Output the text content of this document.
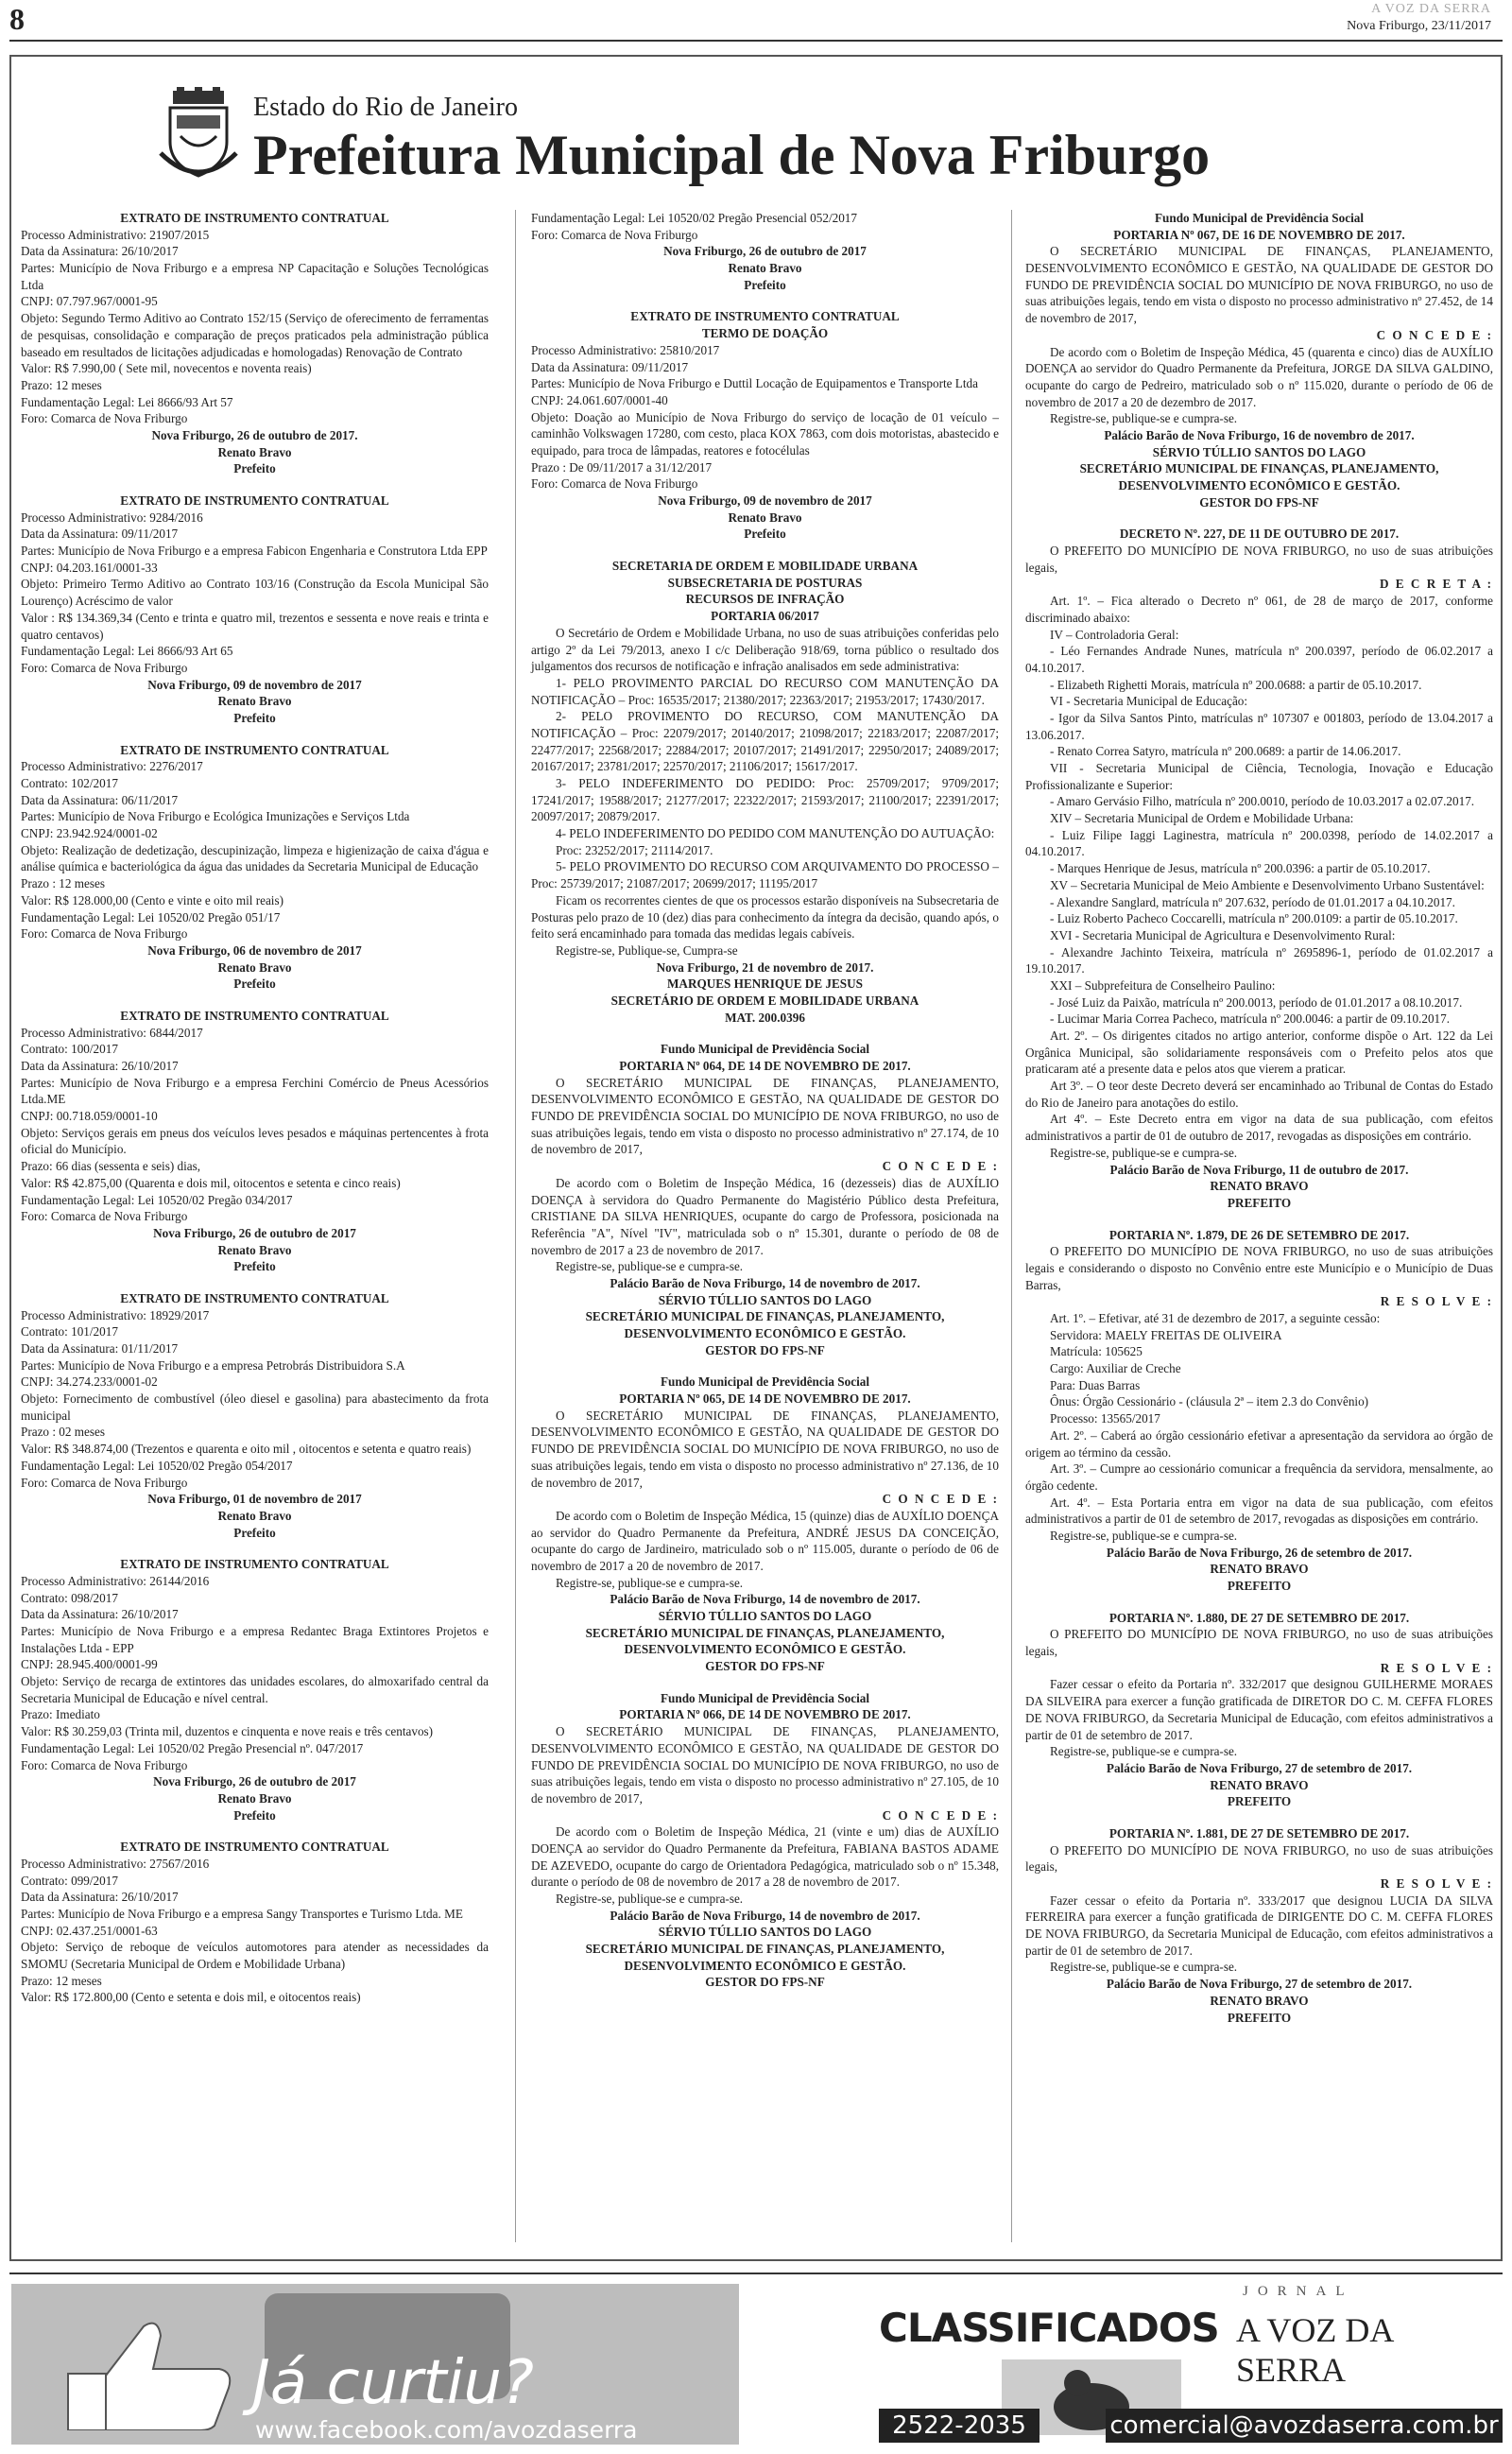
8	A VOZ DA SERRA
Nova Friburgo, 23/11/2017
Estado do Rio de Janeiro
Prefeitura Municipal de Nova Friburgo

EXTRATO DE INSTRUMENTO CONTRATUAL

Processo Administrativo: 21907/2015

Data da Assinatura: 26/10/2017

Partes: Município de Nova Friburgo e a empresa NP Capacitação e Soluções Tecnológicas Ltda

CNPJ: 07.797.967/0001-95

Objeto: Segundo Termo Aditivo ao Contrato 152/15 (Serviço de oferecimento de ferramentas de pesquisas, consolidação e comparação de preços praticados pela administração pública baseado em resultados de licitações adjudicadas e homologadas) Renovação de Contrato

Valor: R$ 7.990,00 ( Sete mil, novecentos e noventa reais)

Prazo: 12 meses

Fundamentação Legal: Lei 8666/93 Art 57

Foro: Comarca de Nova Friburgo

Nova Friburgo, 26 de outubro de 2017.

Renato Bravo

Prefeito

EXTRATO DE INSTRUMENTO CONTRATUAL

Processo Administrativo: 9284/2016

Data da Assinatura: 09/11/2017

Partes: Município de Nova Friburgo e a empresa Fabicon Engenharia e Construtora Ltda EPP

CNPJ: 04.203.161/0001-33

Objeto: Primeiro Termo Aditivo ao Contrato 103/16 (Construção da Escola Municipal São Lourenço) Acréscimo de valor

Valor : R$ 134.369,34 (Cento e trinta e quatro mil, trezentos e sessenta e nove reais e trinta e quatro centavos)

Fundamentação Legal: Lei 8666/93 Art 65

Foro: Comarca de Nova Friburgo

Nova Friburgo, 09 de novembro de 2017

Renato Bravo

Prefeito

EXTRATO DE INSTRUMENTO CONTRATUAL

Processo Administrativo: 2276/2017

Contrato: 102/2017

Data da Assinatura: 06/11/2017

Partes: Município de Nova Friburgo e Ecológica Imunizações e Serviços Ltda

CNPJ: 23.942.924/0001-02

Objeto: Realização de dedetização, descupinização, limpeza e higienização de caixa d'água e análise química e bacteriológica da água das unidades da Secretaria Municipal de Educação

Prazo : 12 meses

Valor: R$ 128.000,00 (Cento e vinte e oito mil reais)

Fundamentação Legal: Lei 10520/02 Pregão 051/17

Foro: Comarca de Nova Friburgo

Nova Friburgo, 06 de novembro de 2017

Renato Bravo

Prefeito

EXTRATO DE INSTRUMENTO CONTRATUAL

Processo Administrativo: 6844/2017

Contrato: 100/2017

Data da Assinatura: 26/10/2017

Partes: Município de Nova Friburgo e a empresa Ferchini Comércio de Pneus Acessórios Ltda.ME

CNPJ: 00.718.059/0001-10

Objeto: Serviços gerais em pneus dos veículos leves pesados e máquinas pertencentes à frota oficial do Município.

Prazo: 66 dias (sessenta e seis) dias,

Valor: R$ 42.875,00 (Quarenta e dois mil, oitocentos e setenta e cinco reais)

Fundamentação Legal: Lei 10520/02 Pregão 034/2017

Foro: Comarca de Nova Friburgo

Nova Friburgo, 26 de outubro de 2017

Renato Bravo

Prefeito

EXTRATO DE INSTRUMENTO CONTRATUAL

Processo Administrativo: 18929/2017

Contrato: 101/2017

Data da Assinatura: 01/11/2017

Partes: Município de Nova Friburgo e a empresa Petrobrás Distribuidora S.A

CNPJ: 34.274.233/0001-02

Objeto: Fornecimento de combustível (óleo diesel e gasolina) para abastecimento da frota municipal

Prazo : 02 meses

Valor: R$ 348.874,00 (Trezentos e quarenta e oito mil , oitocentos e setenta e quatro reais)

Fundamentação Legal: Lei 10520/02 Pregão 054/2017

Foro: Comarca de Nova Friburgo

Nova Friburgo, 01 de novembro de 2017

Renato Bravo

Prefeito

EXTRATO DE INSTRUMENTO CONTRATUAL

Processo Administrativo: 26144/2016

Contrato: 098/2017

Data da Assinatura: 26/10/2017

Partes: Município de Nova Friburgo e a empresa Redantec Braga Extintores Projetos e Instalações Ltda - EPP

CNPJ: 28.945.400/0001-99

Objeto: Serviço de recarga de extintores das unidades escolares, do almoxarifado central da Secretaria Municipal de Educação e nível central.

Prazo: Imediato

Valor: R$ 30.259,03 (Trinta mil, duzentos e cinquenta e nove reais e três centavos)

Fundamentação Legal: Lei 10520/02 Pregão Presencial nº. 047/2017

Foro: Comarca de Nova Friburgo

Nova Friburgo, 26 de outubro de 2017

Renato Bravo

Prefeito

EXTRATO DE INSTRUMENTO CONTRATUAL

Processo Administrativo: 27567/2016

Contrato: 099/2017

Data da Assinatura: 26/10/2017

Partes: Município de Nova Friburgo e a empresa Sangy Transportes e Turismo Ltda. ME

CNPJ: 02.437.251/0001-63

Objeto: Serviço de reboque de veículos automotores para atender as necessidades da SMOMU (Secretaria Municipal de Ordem e Mobilidade Urbana)

Prazo: 12 meses

Valor: R$ 172.800,00 (Cento e setenta e dois mil, e oitocentos reais)

Fundamentação Legal: Lei 10520/02 Pregão Presencial 052/2017

Foro: Comarca de Nova Friburgo

Nova Friburgo, 26 de outubro de 2017

Renato Bravo

Prefeito

EXTRATO DE INSTRUMENTO CONTRATUAL

TERMO DE DOAÇÃO

Processo Administrativo: 25810/2017

Data da Assinatura: 09/11/2017

Partes: Município de Nova Friburgo e Duttil Locação de Equipamentos e Transporte Ltda

CNPJ: 24.061.607/0001-40

Objeto: Doação ao Município de Nova Friburgo do serviço de locação de 01 veículo – caminhão Volkswagen 17280, com cesto, placa KOX 7863, com dois motoristas, abastecido e equipado, para troca de lâmpadas, reatores e fotocélulas

Prazo : De 09/11/2017 a 31/12/2017

Foro: Comarca de Nova Friburgo

Nova Friburgo, 09 de novembro de 2017

Renato Bravo

Prefeito

SECRETARIA DE ORDEM E MOBILIDADE URBANA

SUBSECRETARIA DE POSTURAS

RECURSOS DE INFRAÇÃO

PORTARIA 06/2017

O Secretário de Ordem e Mobilidade Urbana, no uso de suas atribuições conferidas pelo artigo 2º da Lei 79/2013, anexo I c/c Deliberação 918/69, torna público o resultado dos julgamentos dos recursos de notificação e infração analisados em sede administrativa:

1- PELO PROVIMENTO PARCIAL DO RECURSO COM MANUTENÇÃO DA NOTIFICAÇÃO – Proc: 16535/2017; 21380/2017; 22363/2017; 21953/2017; 17430/2017.

2- PELO PROVIMENTO DO RECURSO, COM MANUTENÇÃO DA NOTIFICAÇÃO – Proc: 22079/2017; 20140/2017; 21098/2017; 22183/2017; 22087/2017; 22477/2017; 22568/2017; 22884/2017; 20107/2017; 21491/2017; 22950/2017; 24089/2017; 20167/2017; 23781/2017; 22570/2017; 21106/2017; 15617/2017.

3- PELO INDEFERIMENTO DO PEDIDO: Proc: 25709/2017; 9709/2017; 17241/2017; 19588/2017; 21277/2017; 22322/2017; 21593/2017; 21100/2017; 22391/2017; 20097/2017; 20879/2017.

4- PELO INDEFERIMENTO DO PEDIDO COM MANUTENÇÃO DO AUTUAÇÃO:

Proc: 23252/2017; 21114/2017.

5- PELO PROVIMENTO DO RECURSO COM ARQUIVAMENTO DO PROCESSO – Proc: 25739/2017; 21087/2017; 20699/2017; 11195/2017

Ficam os recorrentes cientes de que os processos estarão disponíveis na Subsecretaria de Posturas pelo prazo de 10 (dez) dias para conhecimento da íntegra da decisão, quando após, o feito será encaminhado para tomada das medidas legais cabíveis.

Registre-se, Publique-se, Cumpra-se

Nova Friburgo, 21 de novembro de 2017.

MARQUES HENRIQUE DE JESUS

SECRETÁRIO DE ORDEM E MOBILIDADE URBANA

MAT. 200.0396

Fundo Municipal de Previdência Social

PORTARIA Nº 064, DE 14 DE NOVEMBRO DE 2017.

O SECRETÁRIO MUNICIPAL DE FINANÇAS, PLANEJAMENTO, DESENVOLVIMENTO ECONÔMICO E GESTÃO, NA QUALIDADE DE GESTOR DO FUNDO DE PREVIDÊNCIA SOCIAL DO MUNICÍPIO DE NOVA FRIBURGO, no uso de suas atribuições legais, tendo em vista o disposto no processo administrativo nº 27.174, de 10 de novembro de 2017,

C O N C E D E :

De acordo com o Boletim de Inspeção Médica, 16 (dezesseis) dias de AUXÍLIO DOENÇA à servidora do Quadro Permanente do Magistério Público desta Prefeitura, CRISTIANE DA SILVA HENRIQUES, ocupante do cargo de Professora, posicionada na Referência "A", Nível "IV", matriculada sob o nº 15.301, durante o período de 08 de novembro de 2017 a 23 de novembro de 2017.

Registre-se, publique-se e cumpra-se.

Palácio Barão de Nova Friburgo, 14 de novembro de 2017.

SÉRVIO TÚLLIO SANTOS DO LAGO

SECRETÁRIO MUNICIPAL DE FINANÇAS, PLANEJAMENTO, DESENVOLVIMENTO ECONÔMICO E GESTÃO.

GESTOR DO FPS-NF

Fundo Municipal de Previdência Social

PORTARIA Nº 065, DE 14 DE NOVEMBRO DE 2017.

O SECRETÁRIO MUNICIPAL DE FINANÇAS, PLANEJAMENTO, DESENVOLVIMENTO ECONÔMICO E GESTÃO, NA QUALIDADE DE GESTOR DO FUNDO DE PREVIDÊNCIA SOCIAL DO MUNICÍPIO DE NOVA FRIBURGO, no uso de suas atribuições legais, tendo em vista o disposto no processo administrativo nº 27.136, de 10 de novembro de 2017,

C O N C E D E :

De acordo com o Boletim de Inspeção Médica, 15 (quinze) dias de AUXÍLIO DOENÇA ao servidor do Quadro Permanente da Prefeitura, ANDRÉ JESUS DA CONCEIÇÃO, ocupante do cargo de Jardineiro, matriculado sob o nº 115.005, durante o período de 06 de novembro de 2017 a 20 de novembro de 2017.

Registre-se, publique-se e cumpra-se.

Palácio Barão de Nova Friburgo, 14 de novembro de 2017.

SÉRVIO TÚLLIO SANTOS DO LAGO

SECRETÁRIO MUNICIPAL DE FINANÇAS, PLANEJAMENTO, DESENVOLVIMENTO ECONÔMICO E GESTÃO.

GESTOR DO FPS-NF

Fundo Municipal de Previdência Social

PORTARIA Nº 066, DE 14 DE NOVEMBRO DE 2017.

O SECRETÁRIO MUNICIPAL DE FINANÇAS, PLANEJAMENTO, DESENVOLVIMENTO ECONÔMICO E GESTÃO, NA QUALIDADE DE GESTOR DO FUNDO DE PREVIDÊNCIA SOCIAL DO MUNICÍPIO DE NOVA FRIBURGO, no uso de suas atribuições legais, tendo em vista o disposto no processo administrativo nº 27.105, de 10 de novembro de 2017,

C O N C E D E :

De acordo com o Boletim de Inspeção Médica, 21 (vinte e um) dias de AUXÍLIO DOENÇA ao servidor do Quadro Permanente da Prefeitura, FABIANA BASTOS ADAME DE AZEVEDO, ocupante do cargo de Orientadora Pedagógica, matriculado sob o nº 15.348, durante o período de 08 de novembro de 2017 a 28 de novembro de 2017.

Registre-se, publique-se e cumpra-se.

Palácio Barão de Nova Friburgo, 14 de novembro de 2017.

SÉRVIO TÚLLIO SANTOS DO LAGO

SECRETÁRIO MUNICIPAL DE FINANÇAS, PLANEJAMENTO, DESENVOLVIMENTO ECONÔMICO E GESTÃO.

GESTOR DO FPS-NF

Fundo Municipal de Previdência Social

PORTARIA Nº 067, DE 16 DE NOVEMBRO DE 2017.

O SECRETÁRIO MUNICIPAL DE FINANÇAS, PLANEJAMENTO, DESENVOLVIMENTO ECONÔMICO E GESTÃO, NA QUALIDADE DE GESTOR DO FUNDO DE PREVIDÊNCIA SOCIAL DO MUNICÍPIO DE NOVA FRIBURGO, no uso de suas atribuições legais, tendo em vista o disposto no processo administrativo nº 27.452, de 14 de novembro de 2017,

C O N C E D E :

De acordo com o Boletim de Inspeção Médica, 45 (quarenta e cinco) dias de AUXÍLIO DOENÇA ao servidor do Quadro Permanente da Prefeitura, JORGE DA SILVA GALDINO, ocupante do cargo de Pedreiro, matriculado sob o nº 115.020, durante o período de 06 de novembro de 2017 a 20 de dezembro de 2017.

Registre-se, publique-se e cumpra-se.

Palácio Barão de Nova Friburgo, 16 de novembro de 2017.

SÉRVIO TÚLLIO SANTOS DO LAGO

SECRETÁRIO MUNICIPAL DE FINANÇAS, PLANEJAMENTO, DESENVOLVIMENTO ECONÔMICO E GESTÃO.

GESTOR DO FPS-NF

DECRETO Nº. 227, DE 11 DE OUTUBRO DE 2017.

O PREFEITO DO MUNICÍPIO DE NOVA FRIBURGO, no uso de suas atribuições legais,

D E C R E T A :

Art. 1º. – Fica alterado o Decreto nº 061, de 28 de março de 2017, conforme discriminado abaixo:

IV – Controladoria Geral:

- Léo Fernandes Andrade Nunes, matrícula nº 200.0397, período de 06.02.2017 a 04.10.2017.

- Elizabeth Righetti Morais, matrícula nº 200.0688: a partir de 05.10.2017.

VI - Secretaria Municipal de Educação:

- Igor da Silva Santos Pinto, matrículas nº 107307 e 001803, período de 13.04.2017 a 13.06.2017.

- Renato Correa Satyro, matrícula nº 200.0689: a partir de 14.06.2017.

VII - Secretaria Municipal de Ciência, Tecnologia, Inovação e Educação Profissionalizante e Superior:

- Amaro Gervásio Filho, matrícula nº 200.0010, período de 10.03.2017 a 02.07.2017.

XIV – Secretaria Municipal de Ordem e Mobilidade Urbana:

- Luiz Filipe Iaggi Laginestra, matrícula nº 200.0398, período de 14.02.2017 a 04.10.2017.

- Marques Henrique de Jesus, matrícula nº 200.0396: a partir de 05.10.2017.

XV – Secretaria Municipal de Meio Ambiente e Desenvolvimento Urbano Sustentável:

- Alexandre Sanglard, matrícula nº 207.632, período de 01.01.2017 a 04.10.2017.

- Luiz Roberto Pacheco Coccarelli, matrícula nº 200.0109: a partir de 05.10.2017.

XVI - Secretaria Municipal de Agricultura e Desenvolvimento Rural:

- Alexandre Jachinto Teixeira, matrícula nº 2695896-1, período de 01.02.2017 a 19.10.2017.

XXI – Subprefeitura de Conselheiro Paulino:

- José Luiz da Paixão, matrícula nº 200.0013, período de 01.01.2017 a 08.10.2017.

- Lucimar Maria Correa Pacheco, matrícula nº 200.0046: a partir de 09.10.2017.

Art. 2º. – Os dirigentes citados no artigo anterior, conforme dispõe o Art. 122 da Lei Orgânica Municipal, são solidariamente responsáveis com o Prefeito pelos atos que praticaram até a presente data e pelos atos que vierem a praticar.

Art 3º. – O teor deste Decreto deverá ser encaminhado ao Tribunal de Contas do Estado do Rio de Janeiro para anotações do estilo.

Art 4º. – Este Decreto entra em vigor na data de sua publicação, com efeitos administrativos a partir de 01 de outubro de 2017, revogadas as disposições em contrário.

Registre-se, publique-se e cumpra-se.

Palácio Barão de Nova Friburgo, 11 de outubro de 2017.

RENATO BRAVO

PREFEITO

PORTARIA Nº. 1.879, DE 26 DE SETEMBRO DE 2017.

O PREFEITO DO MUNICÍPIO DE NOVA FRIBURGO, no uso de suas atribuições legais e considerando o disposto no Convênio entre este Município e o Município de Duas Barras,

R E S O L V E :

Art. 1º. – Efetivar, até 31 de dezembro de 2017, a seguinte cessão:

Servidora: MAELY FREITAS DE OLIVEIRA

Matrícula: 105625

Cargo: Auxiliar de Creche

Para: Duas Barras

Ônus: Órgão Cessionário - (cláusula 2ª – item 2.3 do Convênio)

Processo: 13565/2017

Art. 2º. – Caberá ao órgão cessionário efetivar a apresentação da servidora ao órgão de origem ao término da cessão.

Art. 3º. – Cumpre ao cessionário comunicar a frequência da servidora, mensalmente, ao órgão cedente.

Art. 4º. – Esta Portaria entra em vigor na data de sua publicação, com efeitos administrativos a partir de 01 de setembro de 2017, revogadas as disposições em contrário.

Registre-se, publique-se e cumpra-se.

Palácio Barão de Nova Friburgo, 26 de setembro de 2017.

RENATO BRAVO

PREFEITO

PORTARIA Nº. 1.880, DE 27 DE SETEMBRO DE 2017.

O PREFEITO DO MUNICÍPIO DE NOVA FRIBURGO, no uso de suas atribuições legais,

R E S O L V E :

Fazer cessar o efeito da Portaria nº. 332/2017 que designou GUILHERME MORAES DA SILVEIRA para exercer a função gratificada de DIRETOR DO C. M. CEFFA FLORES DE NOVA FRIBURGO, da Secretaria Municipal de Educação, com efeitos administrativos a partir de 01 de setembro de 2017.

Registre-se, publique-se e cumpra-se.

Palácio Barão de Nova Friburgo, 27 de setembro de 2017.

RENATO BRAVO

PREFEITO

PORTARIA Nº. 1.881, DE 27 DE SETEMBRO DE 2017.

O PREFEITO DO MUNICÍPIO DE NOVA FRIBURGO, no uso de suas atribuições legais,

R E S O L V E :

Fazer cessar o efeito da Portaria nº. 333/2017 que designou LUCIA DA SILVA FERREIRA para exercer a função gratificada de DIRIGENTE DO C. M. CEFFA FLORES DE NOVA FRIBURGO, da Secretaria Municipal de Educação, com efeitos administrativos a partir de 01 de setembro de 2017.

Registre-se, publique-se e cumpra-se.

Palácio Barão de Nova Friburgo, 27 de setembro de 2017.

RENATO BRAVO

PREFEITO

Já curtiu?
www.facebook.com/avozdaserra
JORNAL
CLASSIFICADOS A VOZ DA SERRA
2522-2035	comercial@avozdaserra.com.br
